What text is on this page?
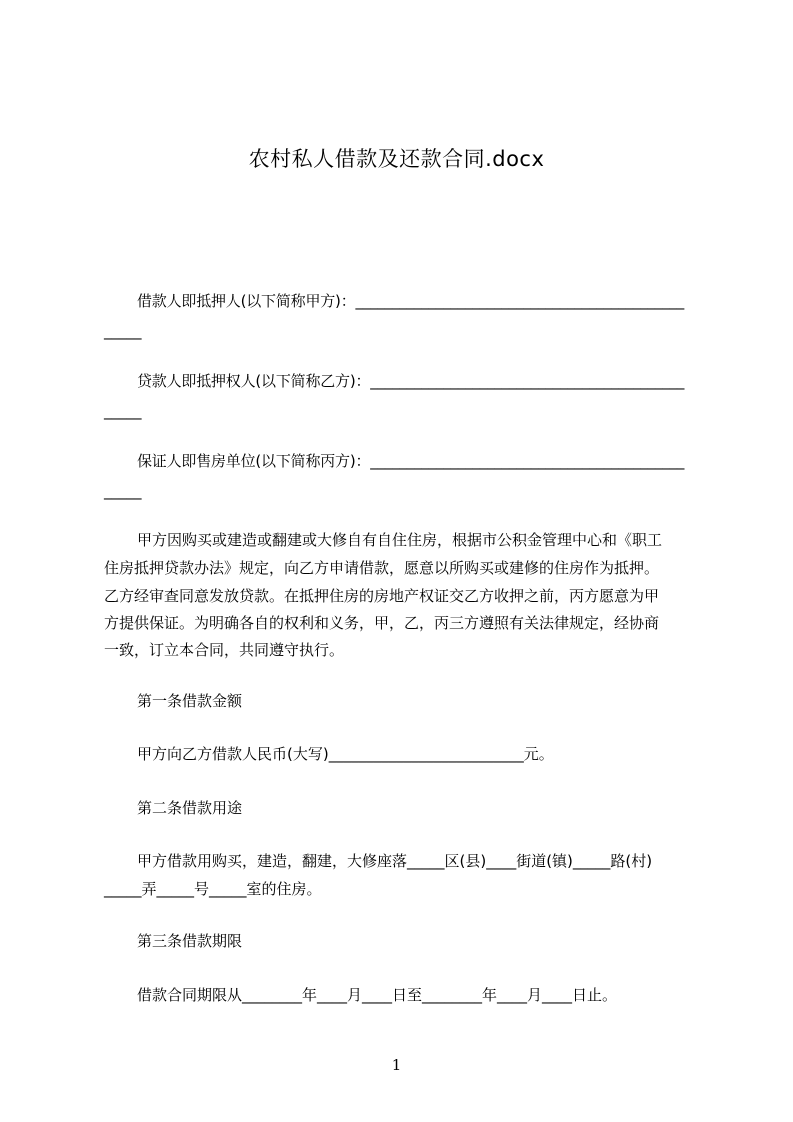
农村私人借款及还款合同.docx
借款人即抵押人(以下简称甲方)：_____________________________________________
_____
贷款人即抵押权人(以下简称乙方)：___________________________________________
_____
保证人即售房单位(以下简称丙方)：___________________________________________
_____
甲方因购买或建造或翻建或大修自有自住住房，根据市公积金管理中心和《职工
住房抵押贷款办法》规定，向乙方申请借款，愿意以所购买或建修的住房作为抵押。
乙方经审查同意发放贷款。在抵押住房的房地产权证交乙方收押之前，丙方愿意为甲
方提供保证。为明确各自的权利和义务，甲，乙，丙三方遵照有关法律规定，经协商
一致，订立本合同，共同遵守执行。
第一条借款金额
甲方向乙方借款人民币(大写)__________________________元。
第二条借款用途
甲方借款用购买，建造，翻建，大修座落_____区(县)____街道(镇)_____路(村)
_____弄_____号_____室的住房。
第三条借款期限
借款合同期限从________年____月____日至________年____月____日止。
1
